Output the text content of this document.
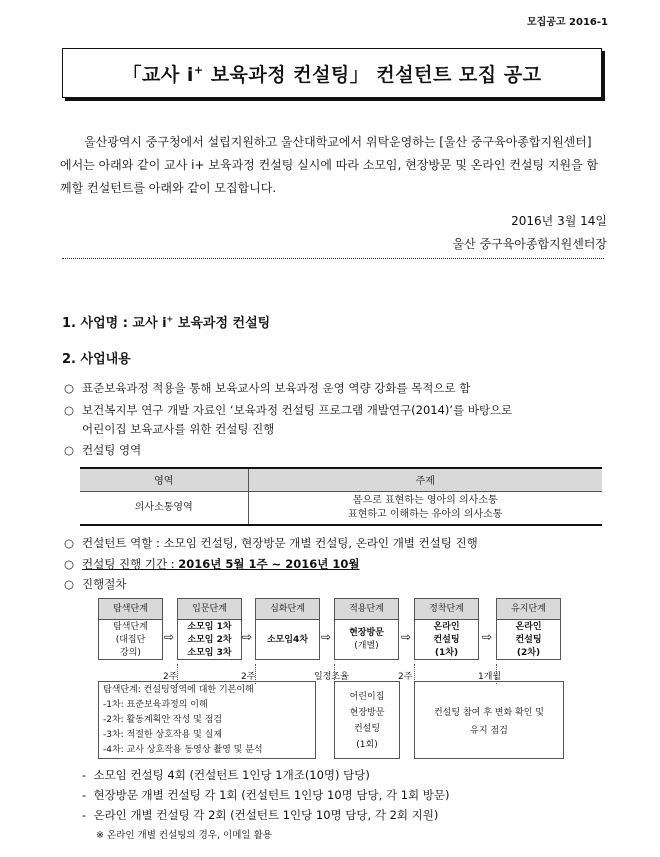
모집공고 2016-1
「교사 i+ 보육과정 컨설팅」 컨설턴트 모집 공고

울산광역시 중구청에서 설립지원하고 울산대학교에서 위탁운영하는 [울산 중구육아종합지원센터] 에서는 아래와 같이 교사 i+ 보육과정 컨설팅 실시에 따라 소모임, 현장방문 및 온라인 컨설팅 지원을 함께할 컨설턴트를 아래와 같이 모집합니다.

2016년 3월 14일
울산 중구육아종합지원센터장
1. 사업명 : 교사 i+ 보육과정 컨설팅
2. 사업내용
○ 표준보육과정 적용을 통해 보육교사의 보육과정 운영 역량 강화를 목적으로 함
○ 보건복지부 연구 개발 자료인 ‘보육과정 컨설팅 프로그램 개발연구(2014)’를 바탕으로
어린이집 보육교사를 위한 컨설팅 진행
○ 컨설팅 영역
영역	주제
의사소통영역	몸으로 표현하는 영아의 의사소통
표현하고 이해하는 유아의 의사소통
○ 컨설턴트 역할 : 소모임 컨설팅, 현장방문 개별 컨설팅, 온라인 개별 컨설팅 진행
○ 컨설팅 진행 기간 : 2016년 5월 1주 ~ 2016년 10월
○ 진행절차
탐색단계
탐색단계
(대집단
강의)
입문단계
소모임 1차
소모임 2차
소모임 3차
심화단계
소모임4차
적용단계
현장방문
(개별)
정착단계
온라인
컨설팅
(1차)
유지단계
온라인
컨설팅
(2차)
⇨	⇨	⇨	⇨	⇨
2주	2주	일정조율	2주	1개월
탐색단계: 컨설팅영역에 대한 기본이해
-1차: 표준보육과정의 이해
-2차: 활동계획안 작성 및 점검
-3차: 적절한 상호작용 및 실제
-4차: 교사 상호작용 동영상 촬영 및 분석
어린이집
현장방문
컨설팅
(1회)
컨설팅 참여 후 변화 확인 및
유지 점검
- 소모임 컨설팅 4회 (컨설턴트 1인당 1개조(10명) 담당)
- 현장방문 개별 컨설팅 각 1회 (컨설턴트 1인당 10명 담당, 각 1회 방문)
- 온라인 개별 컨설팅 각 2회 (컨설턴트 1인당 10명 담당, 각 2회 지원)
※ 온라인 개별 컨설팅의 경우, 이메일 활용
